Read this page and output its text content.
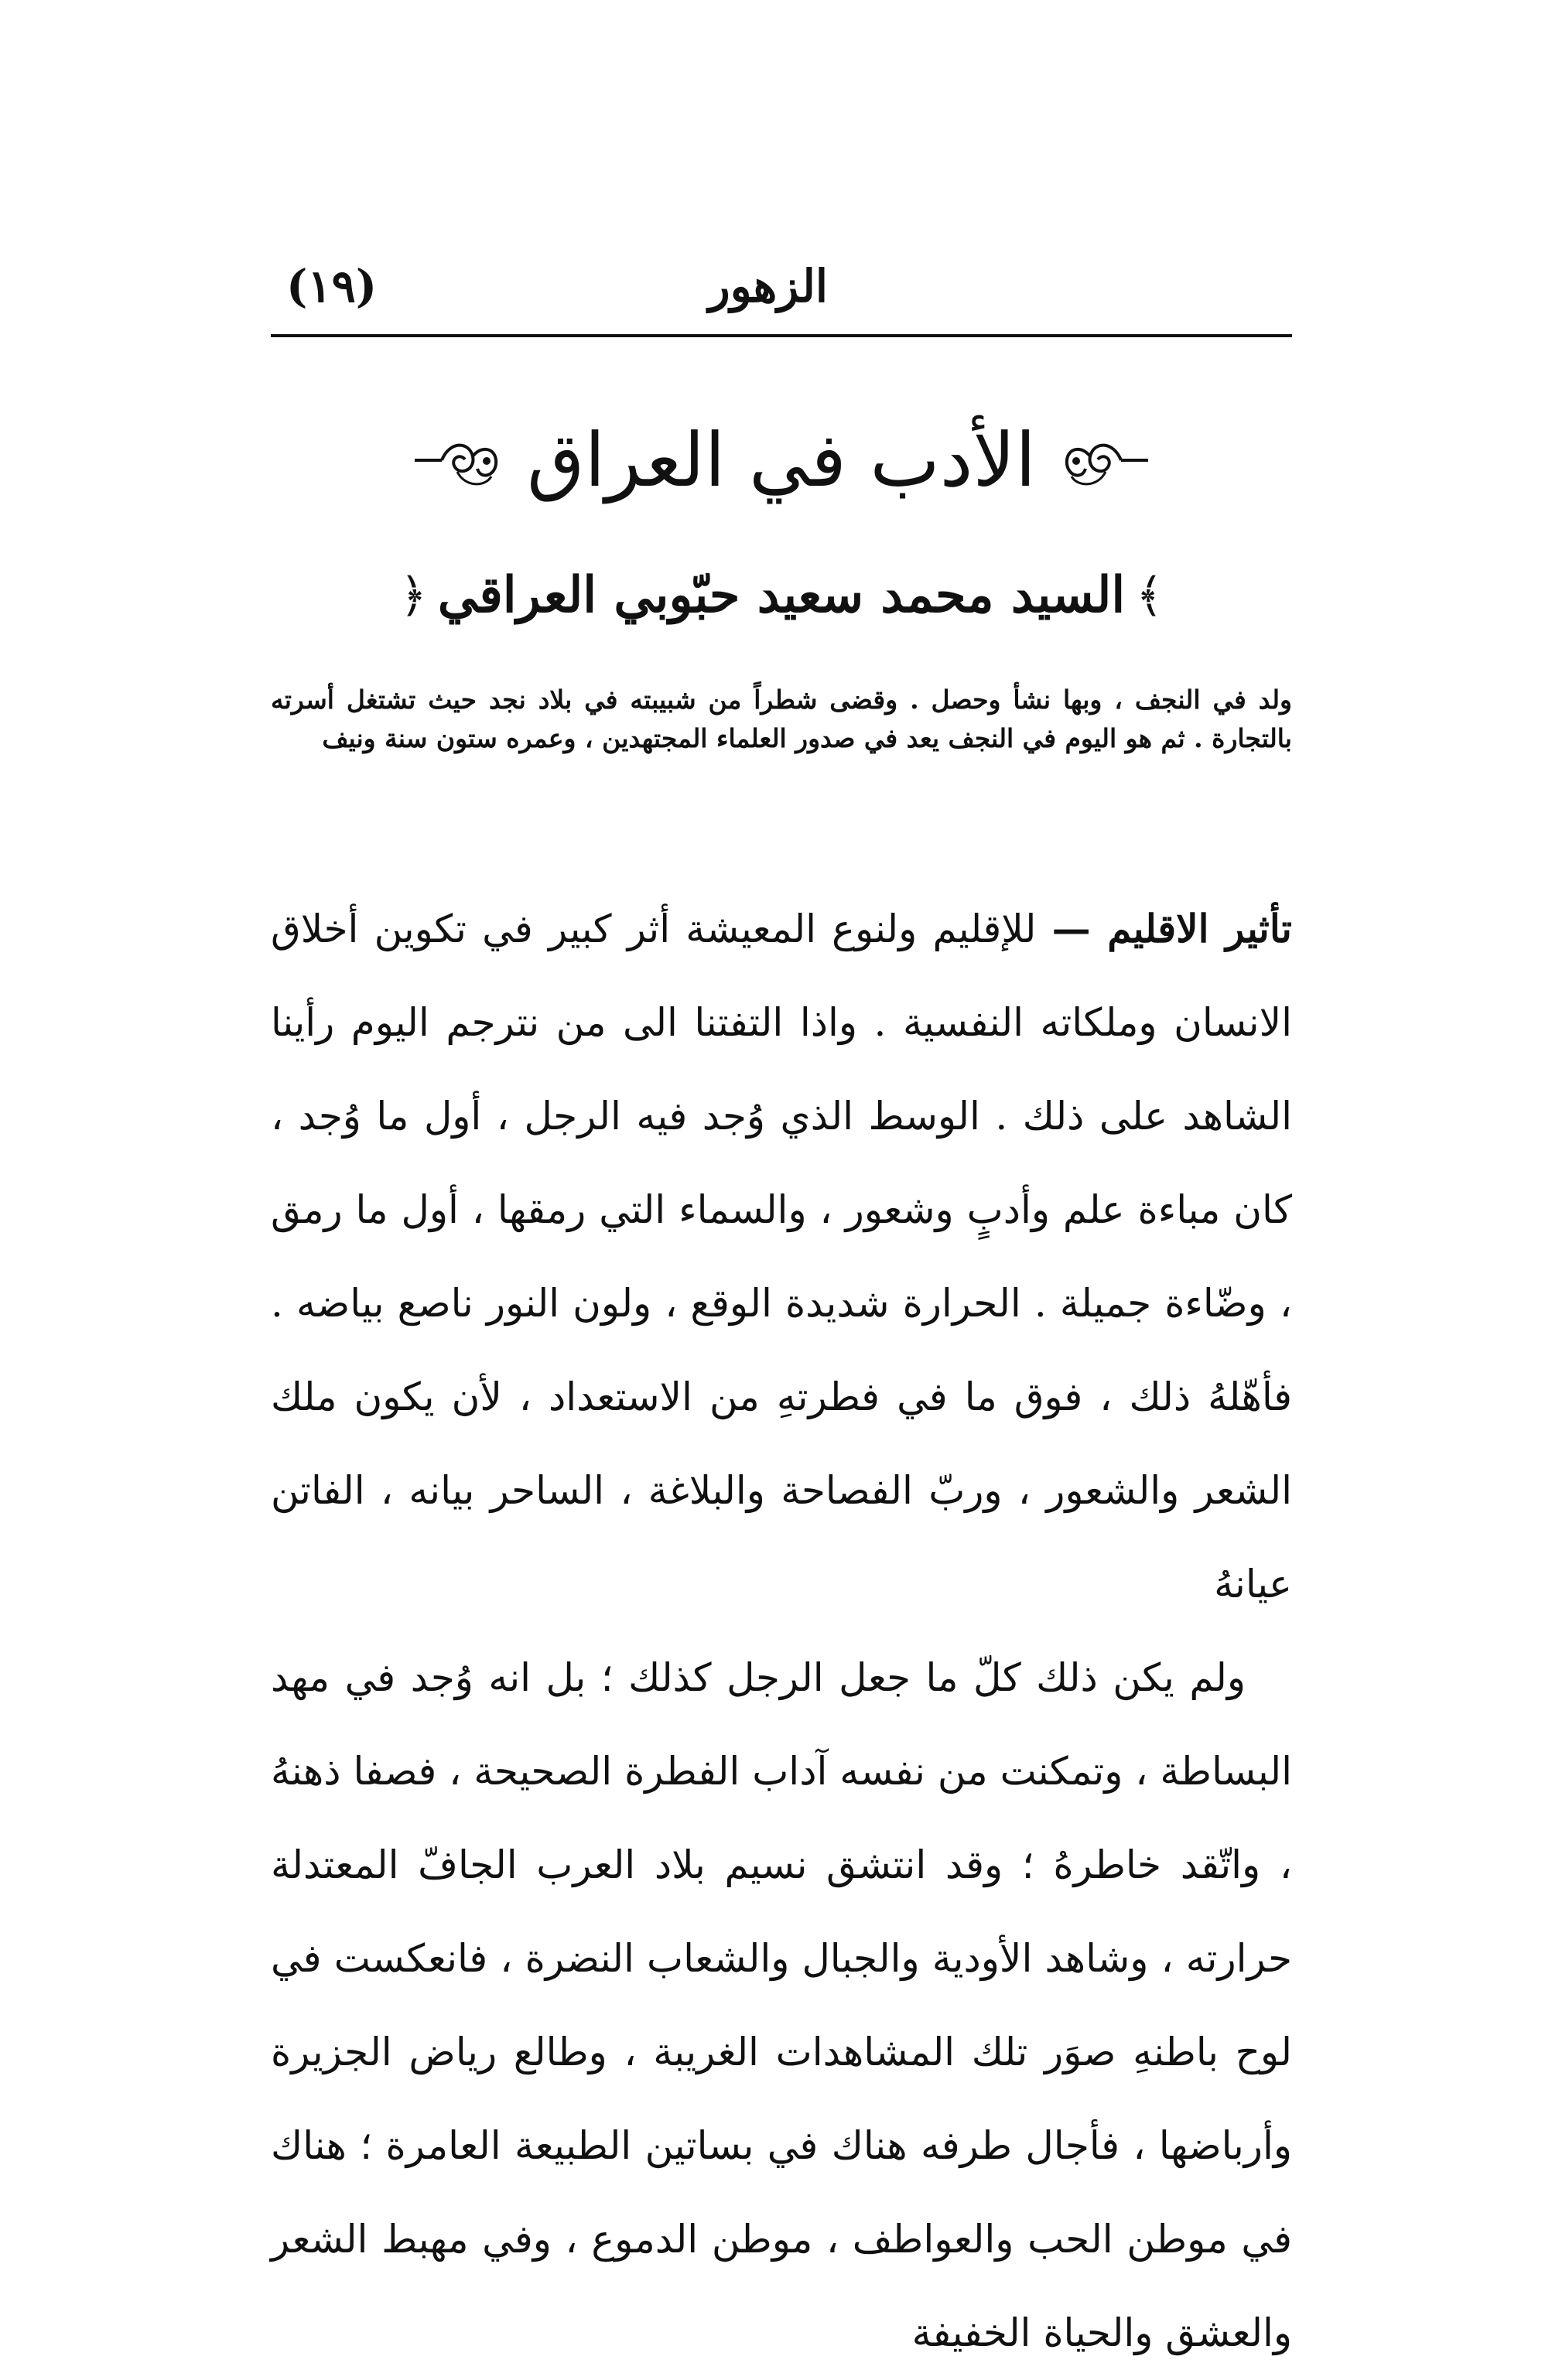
الزهور
(١٩)
الأدب في العراق
﴿ السيد محمد سعيد حبّوبي العراقي ﴾

ولد في النجف ، وبها نشأ وحصل . وقضى شطراً من شبيبته في بلاد نجد حيث تشتغل أسرته بالتجارة . ثم هو اليوم في النجف يعد في صدور العلماء المجتهدين ، وعمره ستون سنة ونيف

تأثير الاقليم — للإقليم ولنوع المعيشة أثر كبير في تكوين أخلاق الانسان وملكاته النفسية . واذا التفتنا الى من نترجم اليوم رأينا الشاهد على ذلك . الوسط الذي وُجد فيه الرجل ، أول ما وُجد ، كان مباءة علم وأدبٍ وشعور ، والسماء التي رمقها ، أول ما رمق ، وضّاءة جميلة . الحرارة شديدة الوقع ، ولون النور ناصع بياضه . فأهّلهُ ذلك ، فوق ما في فطرتهِ من الاستعداد ، لأن يكون ملك الشعر والشعور ، وربّ الفصاحة والبلاغة ، الساحر بيانه ، الفاتن عيانهُ

ولم يكن ذلك كلّ ما جعل الرجل كذلك ؛ بل انه وُجد في مهد البساطة ، وتمكنت من نفسه آداب الفطرة الصحيحة ، فصفا ذهنهُ ، واتّقد خاطرهُ ؛ وقد انتشق نسيم بلاد العرب الجافّ المعتدلة حرارته ، وشاهد الأودية والجبال والشعاب النضرة ، فانعكست في لوح باطنهِ صوَر تلك المشاهدات الغريبة ، وطالع رياض الجزيرة وأرباضها ، فأجال طرفه هناك في بساتين الطبيعة العامرة ؛ هناك في موطن الحب والعواطف ، موطن الدموع ، وفي مهبط الشعر والعشق والحياة الخفيفة
